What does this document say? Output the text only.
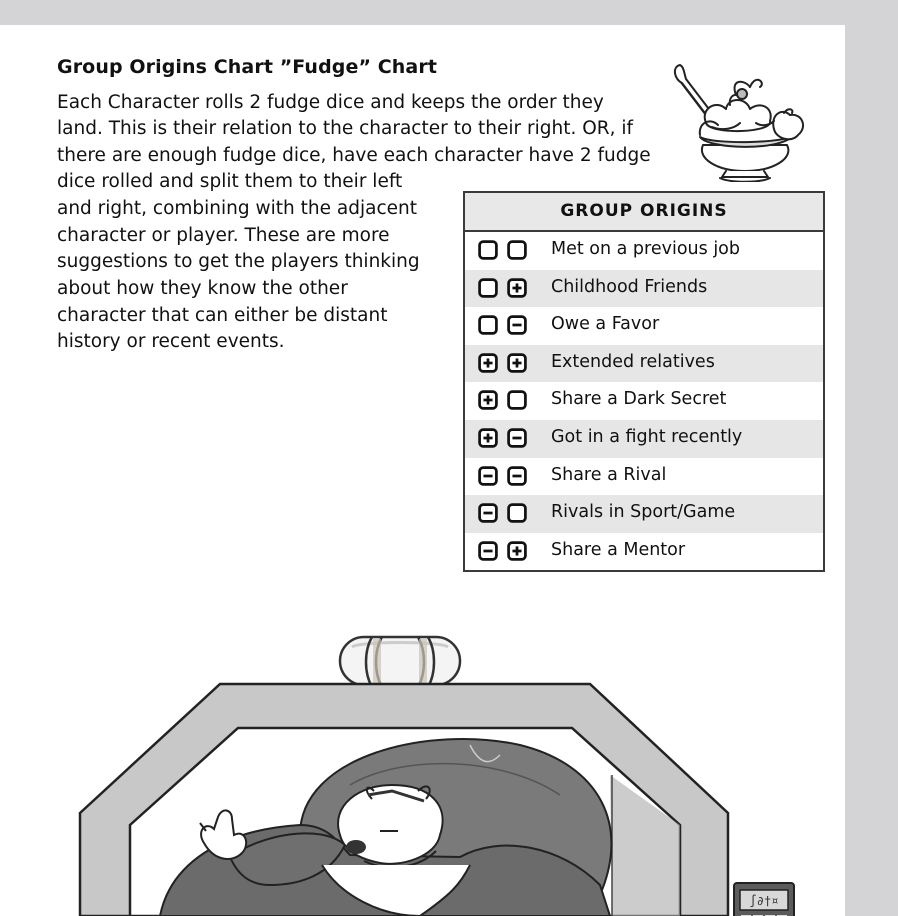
Group Origins Chart ”Fudge” Chart
Each Character rolls 2 fudge dice and keeps the order they
land. This is their relation to the character to their right. OR, if
there are enough fudge dice, have each character have 2 fudge
dice rolled and split them to their left
and right, combining with the adjacent
character or player. These are more
suggestions to get the players thinking
about how they know the other
character that can either be distant
history or recent events.
GROUP ORIGINS
Met on a previous job
Childhood Friends
Owe a Favor
Extended relatives
Share a Dark Secret
Got in a fight recently
Share a Rival
Rivals in Sport/Game
Share a Mentor
∫∂†¤
